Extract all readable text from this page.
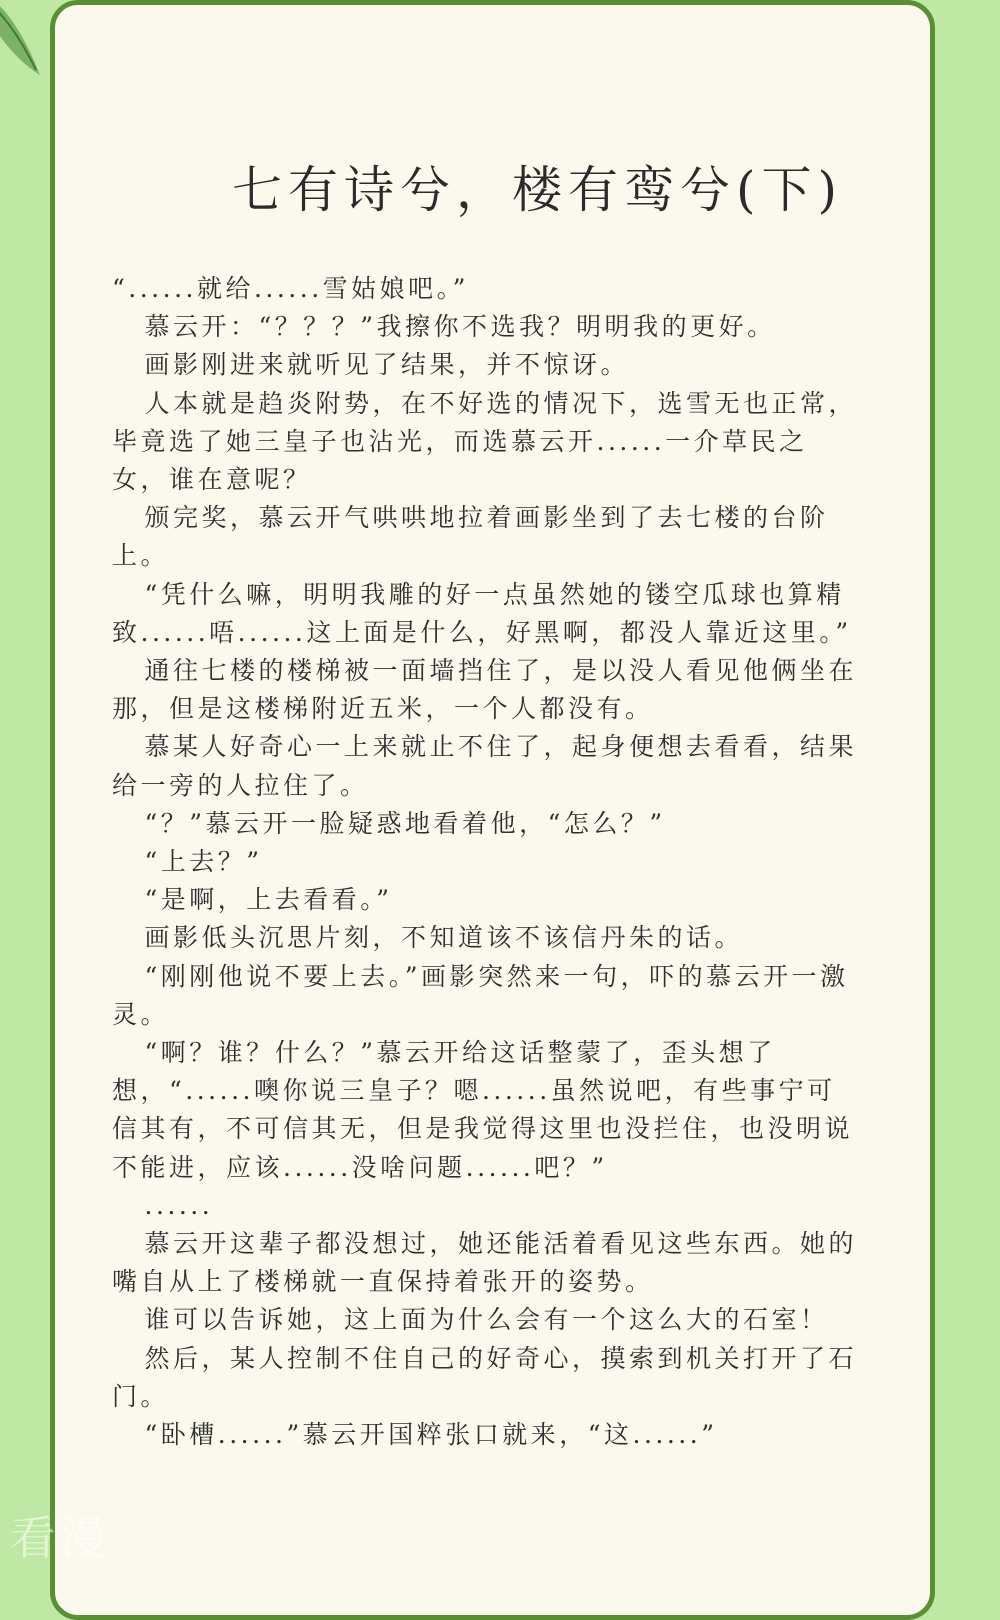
七有诗兮，楼有鸾兮(下)

“......就给......雪姑娘吧。”

慕云开：“？？？”我擦你不选我？明明我的更好。

画影刚进来就听见了结果，并不惊讶。

人本就是趋炎附势，在不好选的情况下，选雪无也正常，毕竟选了她三皇子也沾光，而选慕云开......一介草民之女，谁在意呢？

颁完奖，慕云开气哄哄地拉着画影坐到了去七楼的台阶上。

“凭什么嘛，明明我雕的好一点虽然她的镂空瓜球也算精致......唔......这上面是什么，好黑啊，都没人靠近这里。”

通往七楼的楼梯被一面墙挡住了，是以没人看见他俩坐在那，但是这楼梯附近五米，一个人都没有。

慕某人好奇心一上来就止不住了，起身便想去看看，结果给一旁的人拉住了。

“？”慕云开一脸疑惑地看着他，“怎么？”

“上去？”

“是啊，上去看看。”

画影低头沉思片刻，不知道该不该信丹朱的话。

“刚刚他说不要上去。”画影突然来一句，吓的慕云开一激灵。

“啊？谁？什么？”慕云开给这话整蒙了，歪头想了想，“......噢你说三皇子？嗯......虽然说吧，有些事宁可信其有，不可信其无，但是我觉得这里也没拦住，也没明说不能进，应该......没啥问题......吧？”

......

慕云开这辈子都没想过，她还能活着看见这些东西。她的嘴自从上了楼梯就一直保持着张开的姿势。

谁可以告诉她，这上面为什么会有一个这么大的石室！

然后，某人控制不住自己的好奇心，摸索到机关打开了石门。

“卧槽......”慕云开国粹张口就来，“这......”

看漫
